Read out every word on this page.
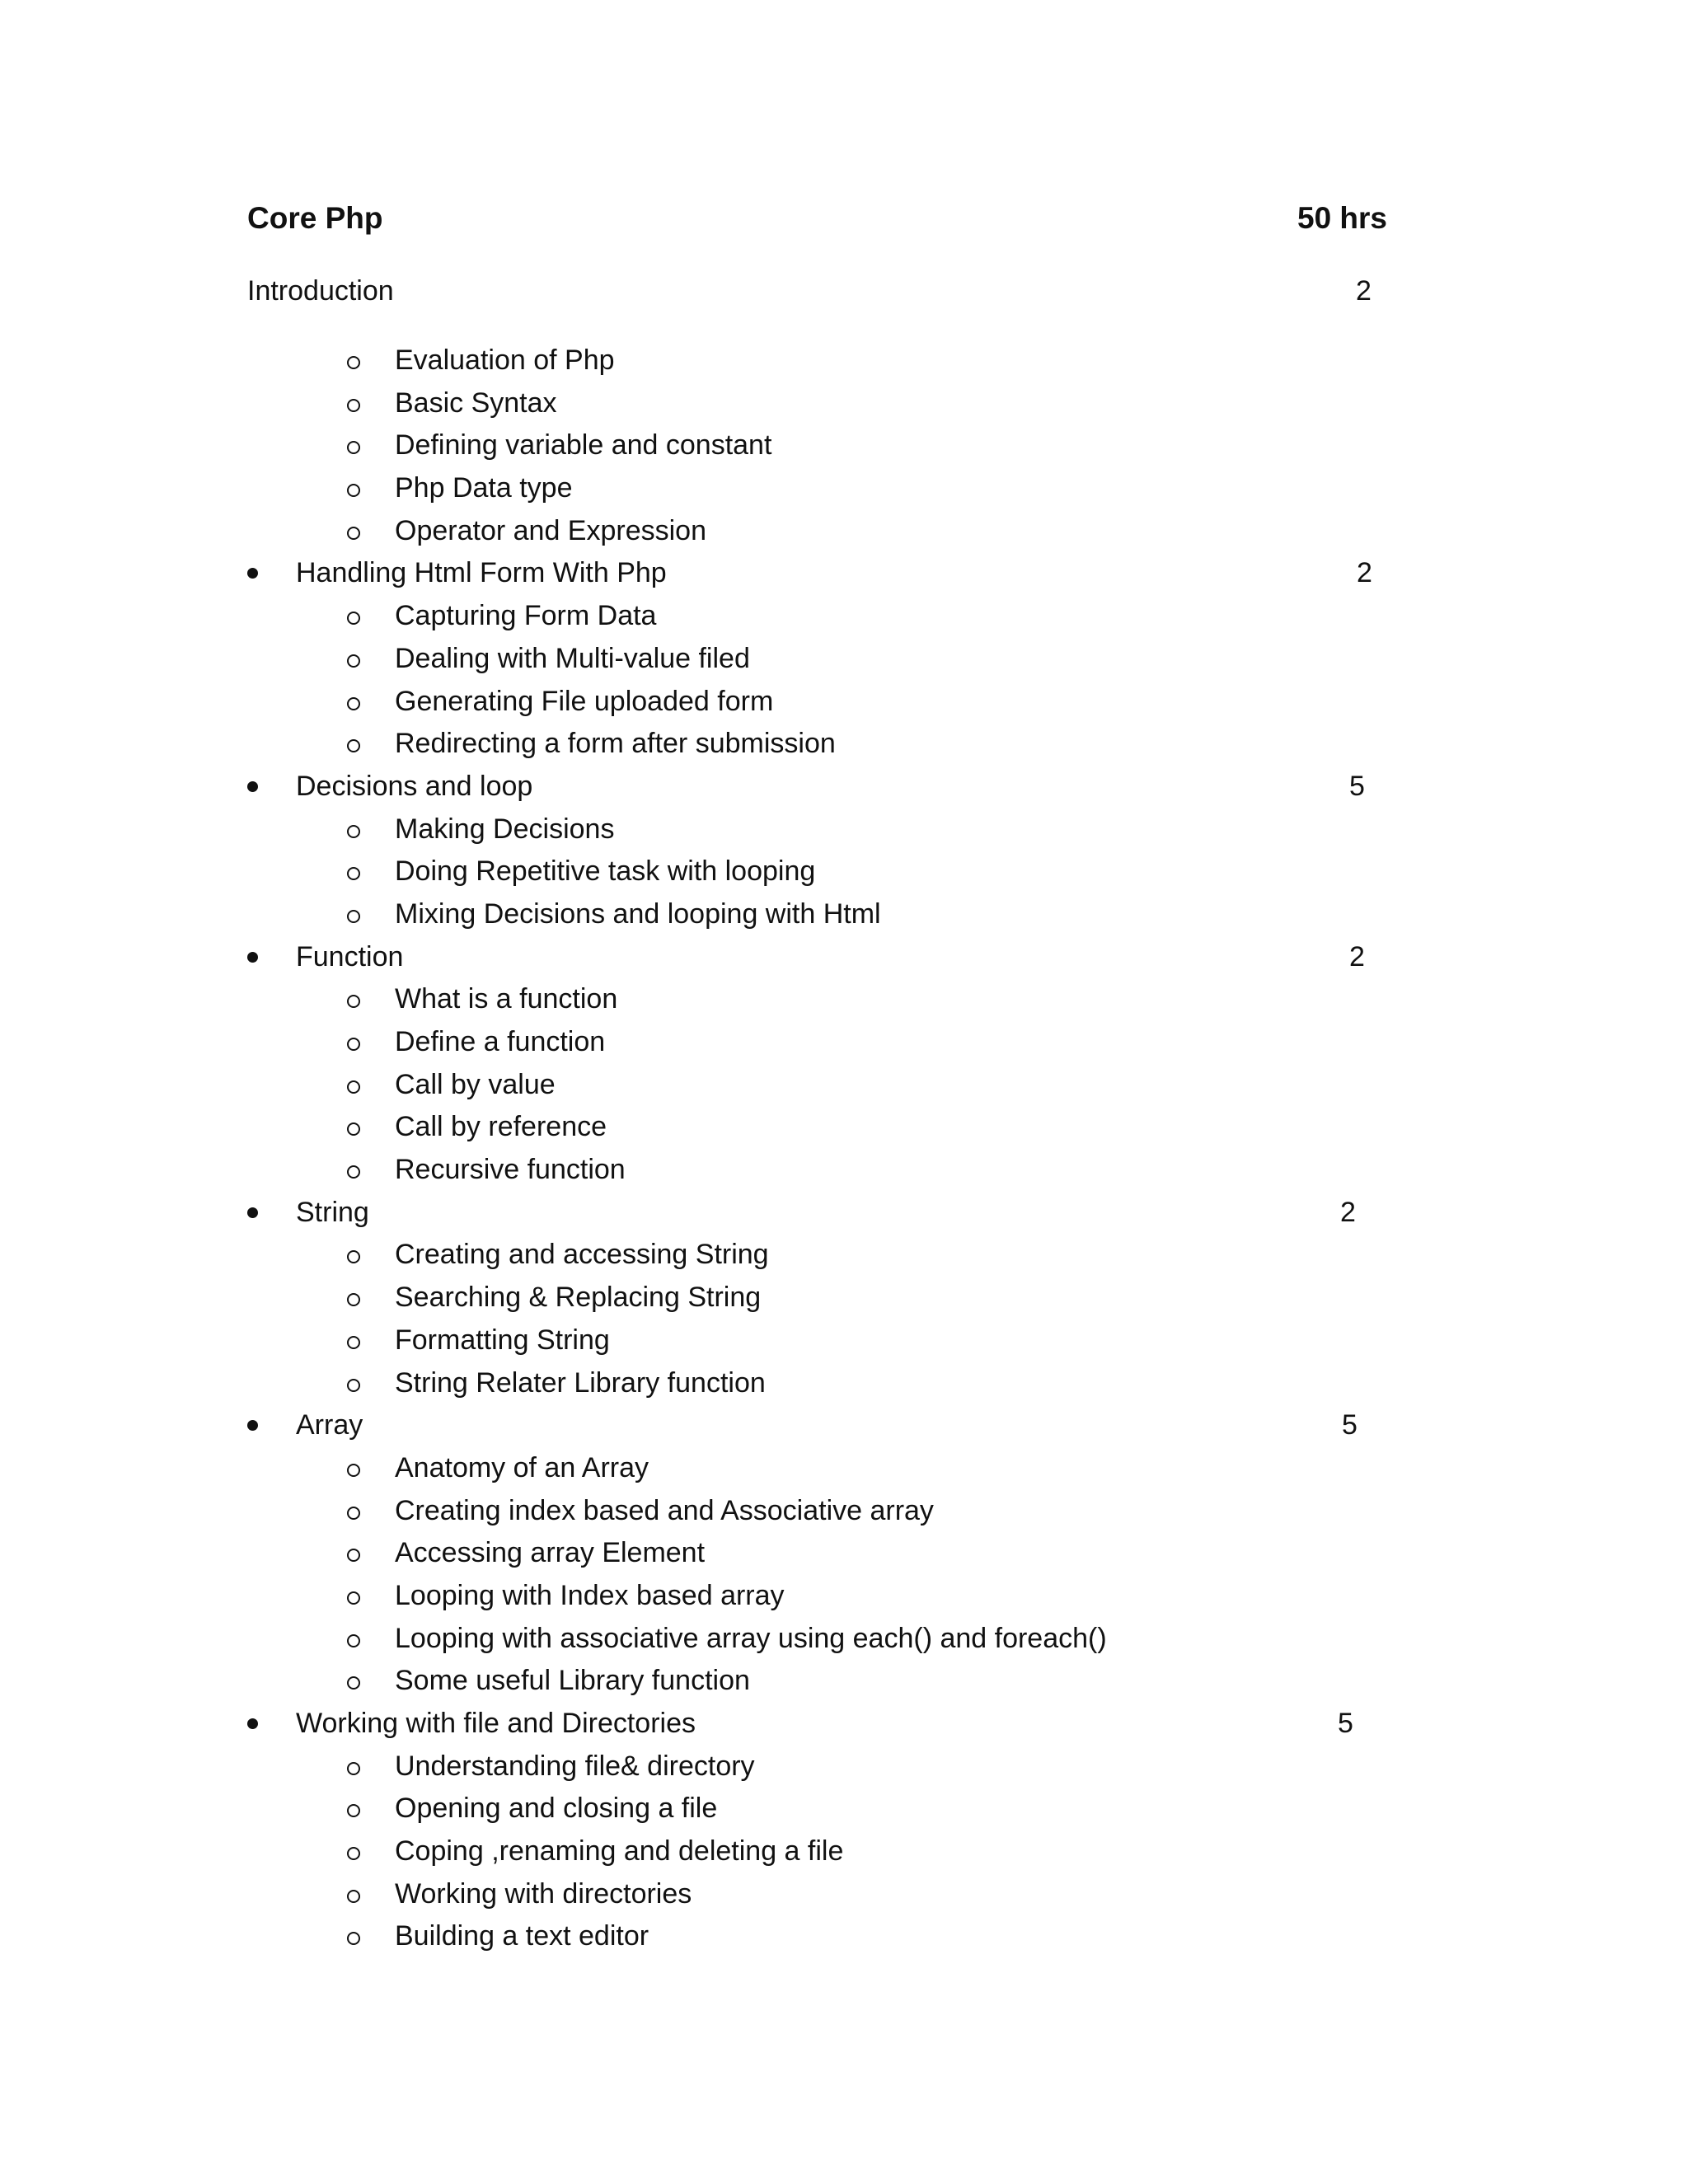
Core Php	50 hrs
Introduction	2
Evaluation of Php
Basic Syntax
Defining variable and constant
Php Data type
Operator and Expression
Handling Html Form With Php	2
Capturing Form Data
Dealing with Multi-value filed
Generating File uploaded form
Redirecting a form after submission
Decisions and loop	5
Making Decisions
Doing Repetitive task with looping
Mixing Decisions and looping with Html
Function	2
What is a function
Define a function
Call by value
Call by reference
Recursive function
String	2
Creating and accessing String
Searching & Replacing String
Formatting String
String Relater Library function
Array	5
Anatomy of an Array
Creating index based and Associative array
Accessing array Element
Looping with Index based array
Looping with associative array using each() and foreach()
Some useful Library function
Working with file and Directories	5
Understanding file& directory
Opening and closing a file
Coping ,renaming and deleting a file
Working with directories
Building a text editor
